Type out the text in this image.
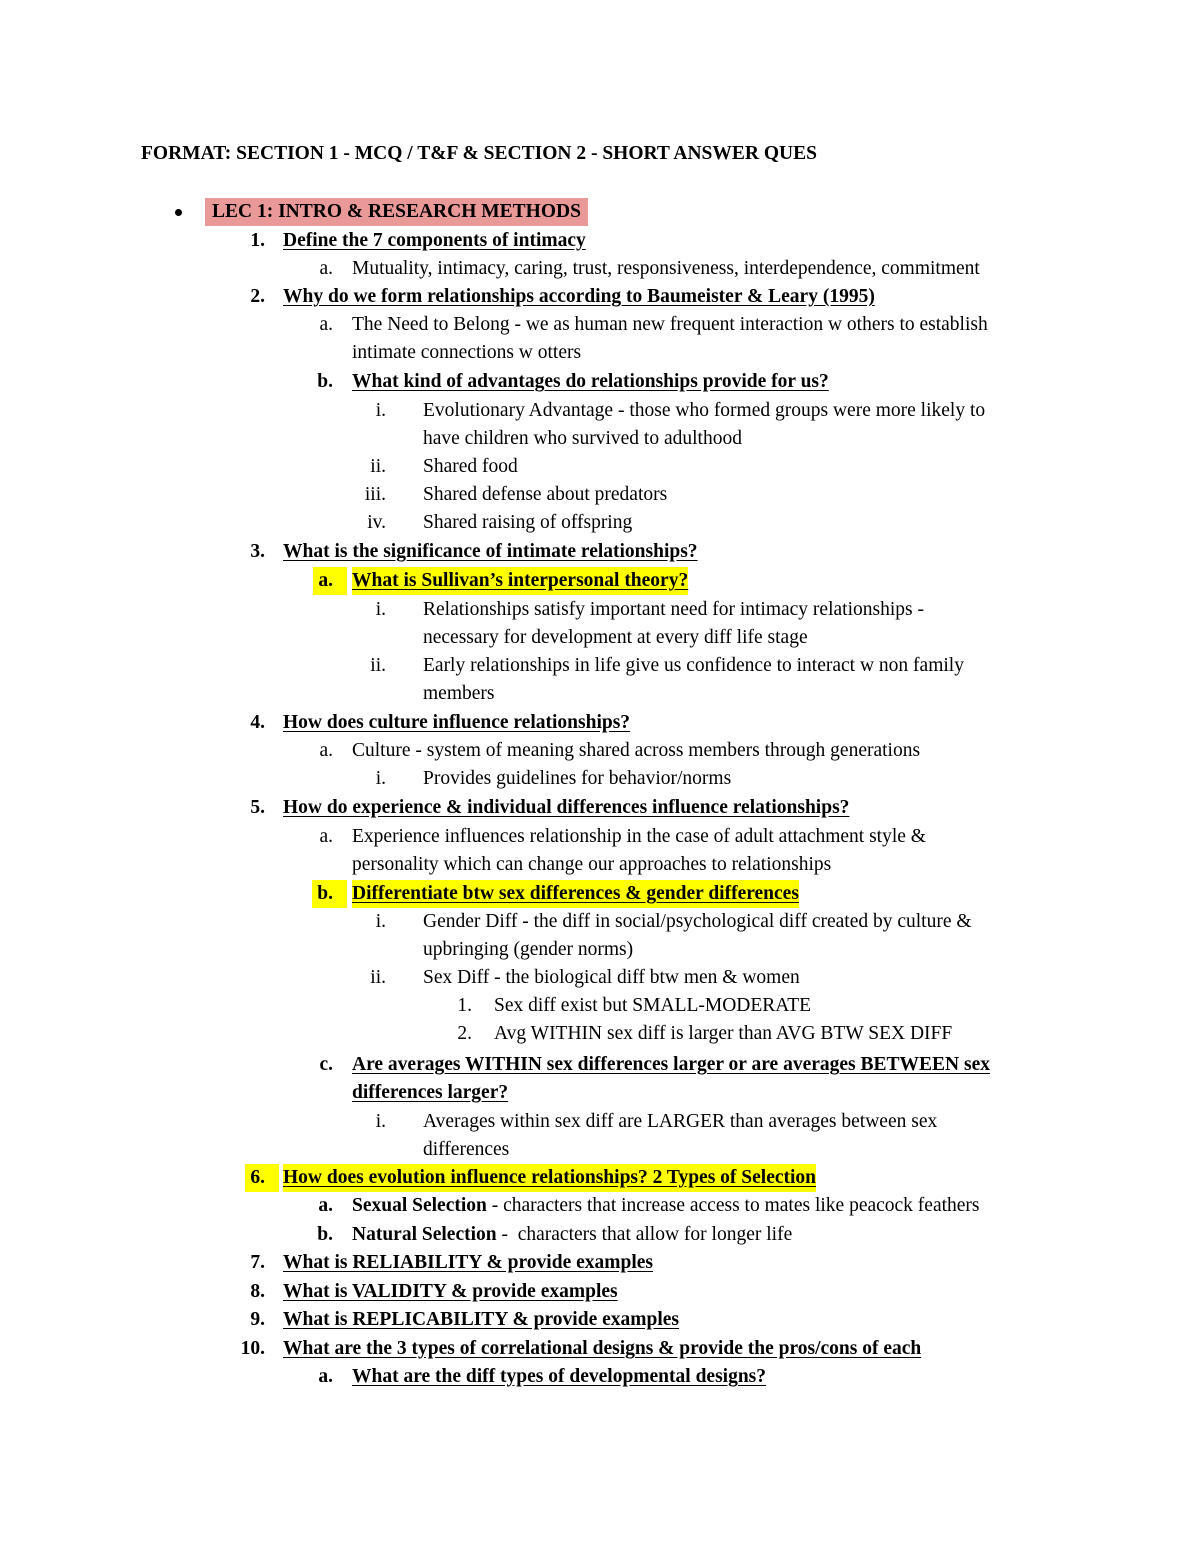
FORMAT: SECTION 1 - MCQ / T&F & SECTION 2 - SHORT ANSWER QUES
LEC 1: INTRO & RESEARCH METHODS
1. Define the 7 components of intimacy
a. Mutuality, intimacy, caring, trust, responsiveness, interdependence, commitment
2. Why do we form relationships according to Baumeister & Leary (1995)
a. The Need to Belong - we as human new frequent interaction w others to establish
intimate connections w otters
b. What kind of advantages do relationships provide for us?
i. Evolutionary Advantage - those who formed groups were more likely to
have children who survived to adulthood
ii. Shared food
iii. Shared defense about predators
iv. Shared raising of offspring
3. What is the significance of intimate relationships?
a. What is Sullivan’s interpersonal theory?
i. Relationships satisfy important need for intimacy relationships -
necessary for development at every diff life stage
ii. Early relationships in life give us confidence to interact w non family
members
4. How does culture influence relationships?
a. Culture - system of meaning shared across members through generations
i. Provides guidelines for behavior/norms
5. How do experience & individual differences influence relationships?
a. Experience influences relationship in the case of adult attachment style &
personality which can change our approaches to relationships
b. Differentiate btw sex differences & gender differences
i. Gender Diff - the diff in social/psychological diff created by culture &
upbringing (gender norms)
ii. Sex Diff - the biological diff btw men & women
1. Sex diff exist but SMALL-MODERATE
2. Avg WITHIN sex diff is larger than AVG BTW SEX DIFF
c. Are averages WITHIN sex differences larger or are averages BETWEEN sex
differences larger?
i. Averages within sex diff are LARGER than averages between sex
differences
6. How does evolution influence relationships? 2 Types of Selection
a. Sexual Selection - characters that increase access to mates like peacock feathers
b. Natural Selection -  characters that allow for longer life
7. What is RELIABILITY & provide examples
8. What is VALIDITY & provide examples
9. What is REPLICABILITY & provide examples
10. What are the 3 types of correlational designs & provide the pros/cons of each
a. What are the diff types of developmental designs?
